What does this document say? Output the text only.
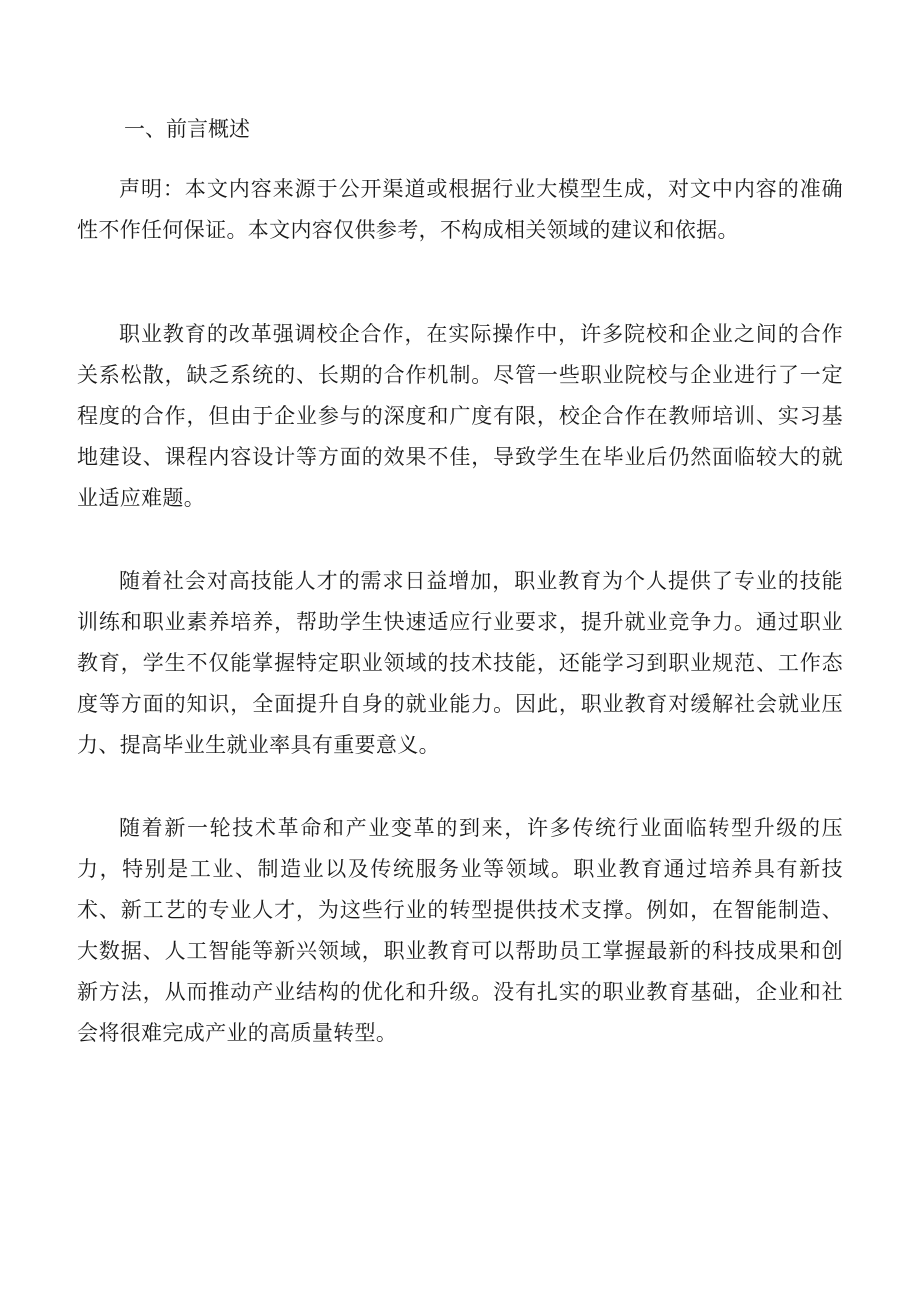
一、前言概述

声明：本文内容来源于公开渠道或根据行业大模型生成，对文中内容的准确性不作任何保证。本文内容仅供参考，不构成相关领域的建议和依据。

职业教育的改革强调校企合作，在实际操作中，许多院校和企业之间的合作关系松散，缺乏系统的、长期的合作机制。尽管一些职业院校与企业进行了一定程度的合作，但由于企业参与的深度和广度有限，校企合作在教师培训、实习基地建设、课程内容设计等方面的效果不佳，导致学生在毕业后仍然面临较大的就业适应难题。

随着社会对高技能人才的需求日益增加，职业教育为个人提供了专业的技能训练和职业素养培养，帮助学生快速适应行业要求，提升就业竞争力。通过职业教育，学生不仅能掌握特定职业领域的技术技能，还能学习到职业规范、工作态度等方面的知识，全面提升自身的就业能力。因此，职业教育对缓解社会就业压力、提高毕业生就业率具有重要意义。

随着新一轮技术革命和产业变革的到来，许多传统行业面临转型升级的压力，特别是工业、制造业以及传统服务业等领域。职业教育通过培养具有新技术、新工艺的专业人才，为这些行业的转型提供技术支撑。例如，在智能制造、大数据、人工智能等新兴领域，职业教育可以帮助员工掌握最新的科技成果和创新方法，从而推动产业结构的优化和升级。没有扎实的职业教育基础，企业和社会将很难完成产业的高质量转型。
